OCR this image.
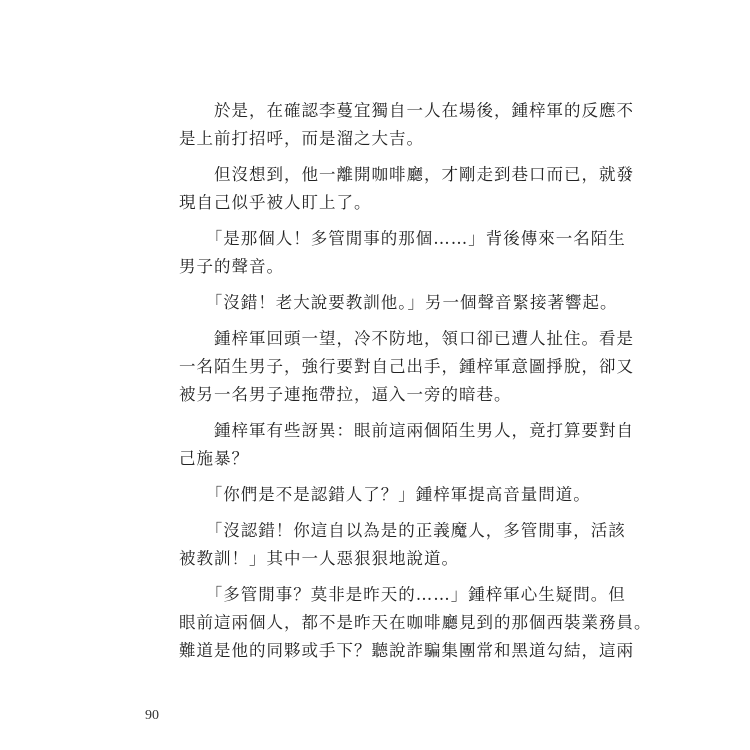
　　於是，在確認李蔓宜獨自一人在場後，鍾梓軍的反應不
是上前打招呼，而是溜之大吉。

　　但沒想到，他一離開咖啡廳，才剛走到巷口而已，就發
現自己似乎被人盯上了。

　　「是那個人！多管閒事的那個……」背後傳來一名陌生
男子的聲音。

　　「沒錯！老大說要教訓他。」另一個聲音緊接著響起。

　　鍾梓軍回頭一望，冷不防地，領口卻已遭人扯住。看是
一名陌生男子，強行要對自己出手，鍾梓軍意圖掙脫，卻又
被另一名男子連拖帶拉，逼入一旁的暗巷。

　　鍾梓軍有些訝異：眼前這兩個陌生男人，竟打算要對自
己施暴？

　　「你們是不是認錯人了？」鍾梓軍提高音量問道。

　　「沒認錯！你這自以為是的正義魔人，多管閒事，活該
被教訓！」其中一人惡狠狠地說道。

　　「多管閒事？莫非是昨天的……」鍾梓軍心生疑問。但
眼前這兩個人，都不是昨天在咖啡廳見到的那個西裝業務員。
難道是他的同夥或手下？聽說詐騙集團常和黑道勾結，這兩

90
